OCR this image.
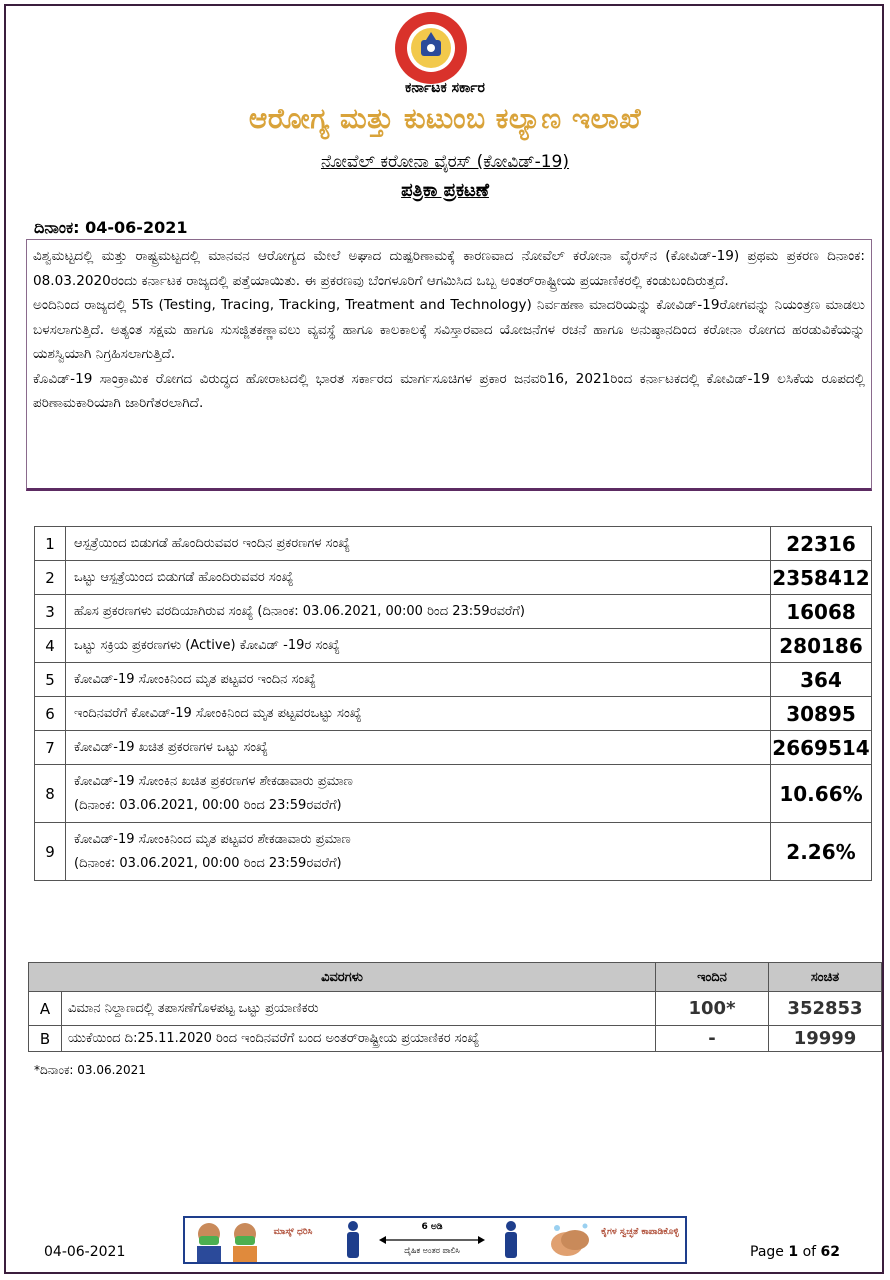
ಕರ್ನಾಟಕ ಸರ್ಕಾರ
ಆರೋಗ್ಯ ಮತ್ತು ಕುಟುಂಬ ಕಲ್ಯಾಣ ಇಲಾಖೆ
ನೋವೆಲ್ ಕರೋನಾ ವೈರಸ್ (ಕೋವಿಡ್-19)
ಪತ್ರಿಕಾ ಪ್ರಕಟಣೆ
ದಿನಾಂಕ: 04-06-2021

ವಿಶ್ವಮಟ್ಟದಲ್ಲಿ ಮತ್ತು ರಾಷ್ಟ್ರಮಟ್ಟದಲ್ಲಿ ಮಾನವನ ಆರೋಗ್ಯದ ಮೇಲೆ ಅಘಾದ ದುಷ್ಪರಿಣಾಮಕ್ಕೆ ಕಾರಣವಾದ ನೋವೆಲ್ ಕರೋನಾ ವೈರಸ್‌ನ (ಕೋವಿಡ್-19) ಪ್ರಥಮ ಪ್ರಕರಣ ದಿನಾಂಕ: 08.03.2020ರಂದು ಕರ್ನಾಟಕ ರಾಜ್ಯದಲ್ಲಿ ಪತ್ತೆಯಾಯಿತು. ಈ ಪ್ರಕರಣವು ಬೆಂಗಳೂರಿಗೆ ಆಗಮಿಸಿದ ಒಬ್ಬ ಅಂತರ್‌ರಾಷ್ಟ್ರೀಯ ಪ್ರಯಾಣಿಕರಲ್ಲಿ ಕಂಡುಬಂದಿರುತ್ತದೆ.

ಅಂದಿನಿಂದ ರಾಜ್ಯದಲ್ಲಿ 5Ts (Testing, Tracing, Tracking, Treatment and Technology) ನಿರ್ವಹಣಾ ಮಾದರಿಯನ್ನು ಕೋವಿಡ್-19ರೋಗವನ್ನು ನಿಯಂತ್ರಣ ಮಾಡಲು ಬಳಸಲಾಗುತ್ತಿದೆ. ಅತ್ಯಂತ ಸಕ್ಷಮ ಹಾಗೂ ಸುಸಜ್ಜಿತಕಣ್ಣಾವಲು ವ್ಯವಸ್ಥೆ ಹಾಗೂ ಕಾಲಕಾಲಕ್ಕೆ ಸವಿಸ್ತಾರವಾದ ಯೋಜನೆಗಳ ರಚನೆ ಹಾಗೂ ಅನುಷ್ಠಾನದಿಂದ ಕರೋನಾ ರೋಗದ ಹರಡುವಿಕೆಯನ್ನು ಯಶಸ್ವಿಯಾಗಿ ನಿಗ್ರಹಿಸಲಾಗುತ್ತಿದೆ.

ಕೊವಿಡ್-19 ಸಾಂಕ್ರಾಮಿಕ ರೋಗದ ವಿರುದ್ಧದ ಹೋರಾಟದಲ್ಲಿ ಭಾರತ ಸರ್ಕಾರದ ಮಾರ್ಗಸೂಚಿಗಳ ಪ್ರಕಾರ ಜನವರಿ16, 2021ರಿಂದ ಕರ್ನಾಟಕದಲ್ಲಿ ಕೋವಿಡ್-19 ಲಸಿಕೆಯ ರೂಪದಲ್ಲಿ ಪರಿಣಾಮಕಾರಿಯಾಗಿ ಜಾರಿಗೆತರಲಾಗಿದೆ.

1	ಆಸ್ಪತ್ರೆಯಿಂದ ಬಿಡುಗಡೆ ಹೊಂದಿರುವವರ ಇಂದಿನ ಪ್ರಕರಣಗಳ ಸಂಖ್ಯೆ	22316
2	ಒಟ್ಟು ಆಸ್ಪತ್ರೆಯಿಂದ ಬಿಡುಗಡೆ ಹೊಂದಿರುವವರ ಸಂಖ್ಯೆ	2358412
3	ಹೊಸ ಪ್ರಕರಣಗಳು ವರದಿಯಾಗಿರುವ ಸಂಖ್ಯೆ (ದಿನಾಂಕ: 03.06.2021, 00:00 ರಿಂದ 23:59ರವರೆಗೆ)	16068
4	ಒಟ್ಟು ಸಕ್ರಿಯ ಪ್ರಕರಣಗಳು (Active) ಕೋವಿಡ್ -19ರ ಸಂಖ್ಯೆ	280186
5	ಕೋವಿಡ್-19 ಸೋಂಕಿನಿಂದ ಮೃತ ಪಟ್ಟವರ ಇಂದಿನ ಸಂಖ್ಯೆ	364
6	ಇಂದಿನವರೆಗೆ ಕೋವಿಡ್-19 ಸೋಂಕಿನಿಂದ ಮೃತ ಪಟ್ಟವರಒಟ್ಟು ಸಂಖ್ಯೆ	30895
7	ಕೋವಿಡ್-19 ಖಚಿತ ಪ್ರಕರಣಗಳ ಒಟ್ಟು ಸಂಖ್ಯೆ	2669514
8	ಕೋವಿಡ್-19 ಸೋಂಕಿನ ಖಚಿತ ಪ್ರಕರಣಗಳ ಶೇಕಡಾವಾರು ಪ್ರಮಾಣ
(ದಿನಾಂಕ: 03.06.2021, 00:00 ರಿಂದ 23:59ರವರೆಗೆ)	10.66%
9	ಕೋವಿಡ್-19 ಸೋಂಕಿನಿಂದ ಮೃತ ಪಟ್ಟವರ ಶೇಕಡಾವಾರು ಪ್ರಮಾಣ
(ದಿನಾಂಕ: 03.06.2021, 00:00 ರಿಂದ 23:59ರವರೆಗೆ)	2.26%
ವಿವರಗಳು		ಇಂದಿನ	ಸಂಚಿತ
A	ವಿಮಾನ ನಿಲ್ದಾಣದಲ್ಲಿ ತಪಾಸಣೆಗೊಳಪಟ್ಟ ಒಟ್ಟು ಪ್ರಯಾಣಿಕರು	100*	352853
B	ಯುಕೆಯಿಂದ ದಿ:25.11.2020 ರಿಂದ ಇಂದಿನವರೆಗೆ ಬಂದ ಅಂತರ್‌ರಾಷ್ಟ್ರೀಯ ಪ್ರಯಾಣಿಕರ ಸಂಖ್ಯೆ	-	19999
*ದಿನಾಂಕ: 03.06.2021
04-06-2021
ಮಾಸ್ಕ್ ಧರಿಸಿ	6 ಅಡಿ
ದೈಹಿಕ ಅಂತರ ಪಾಲಿಸಿ
ಕೈಗಳ ಸ್ವಚ್ಛತೆ ಕಾಪಾಡಿಕೊಳ್ಳಿ
Page 1 of 62
